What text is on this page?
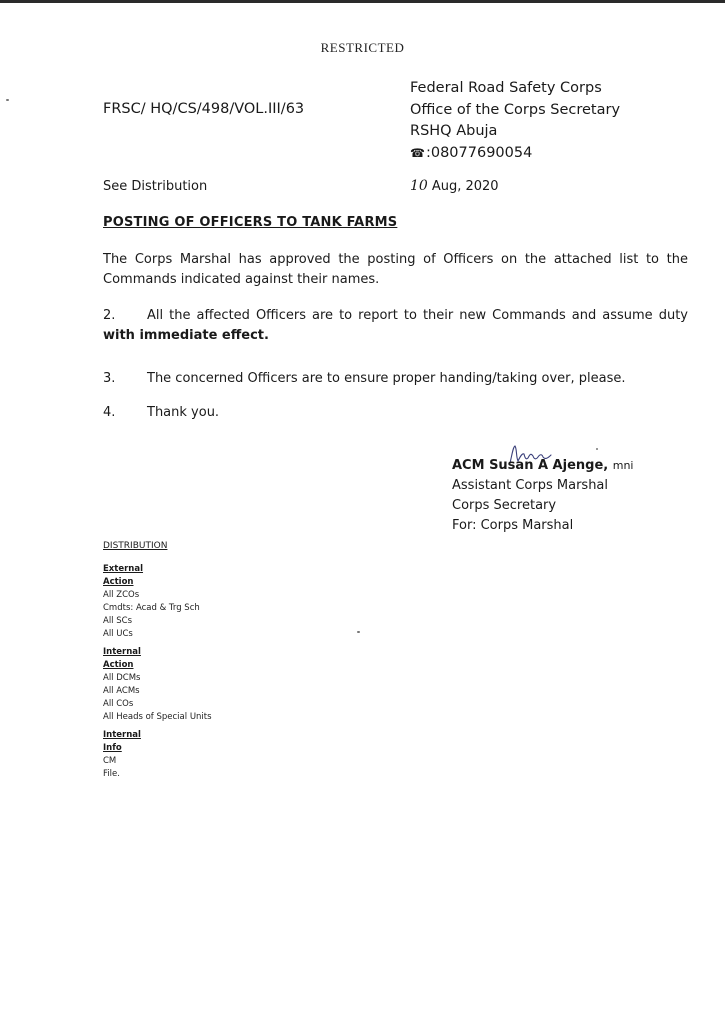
RESTRICTED
FRSC/ HQ/CS/498/VOL.III/63
Federal Road Safety Corps
Office of the Corps Secretary
RSHQ Abuja
☎:08077690054
See Distribution	10 Aug, 2020
POSTING OF OFFICERS TO TANK FARMS
The Corps Marshal has approved the posting of Officers on the attached list to the Commands indicated against their names.
2. All the affected Officers are to report to their new Commands and assume duty with immediate effect.
3. The concerned Officers are to ensure proper handing/taking over, please.
4. Thank you.
ACM Susan A Ajenge, mni
Assistant Corps Marshal
Corps Secretary
For: Corps Marshal
DISTRIBUTION
External
Action
All ZCOs
Cmdts: Acad & Trg Sch
All SCs
All UCs
Internal
Action
All DCMs
All ACMs
All COs
All Heads of Special Units
Internal
Info
CM
File.
